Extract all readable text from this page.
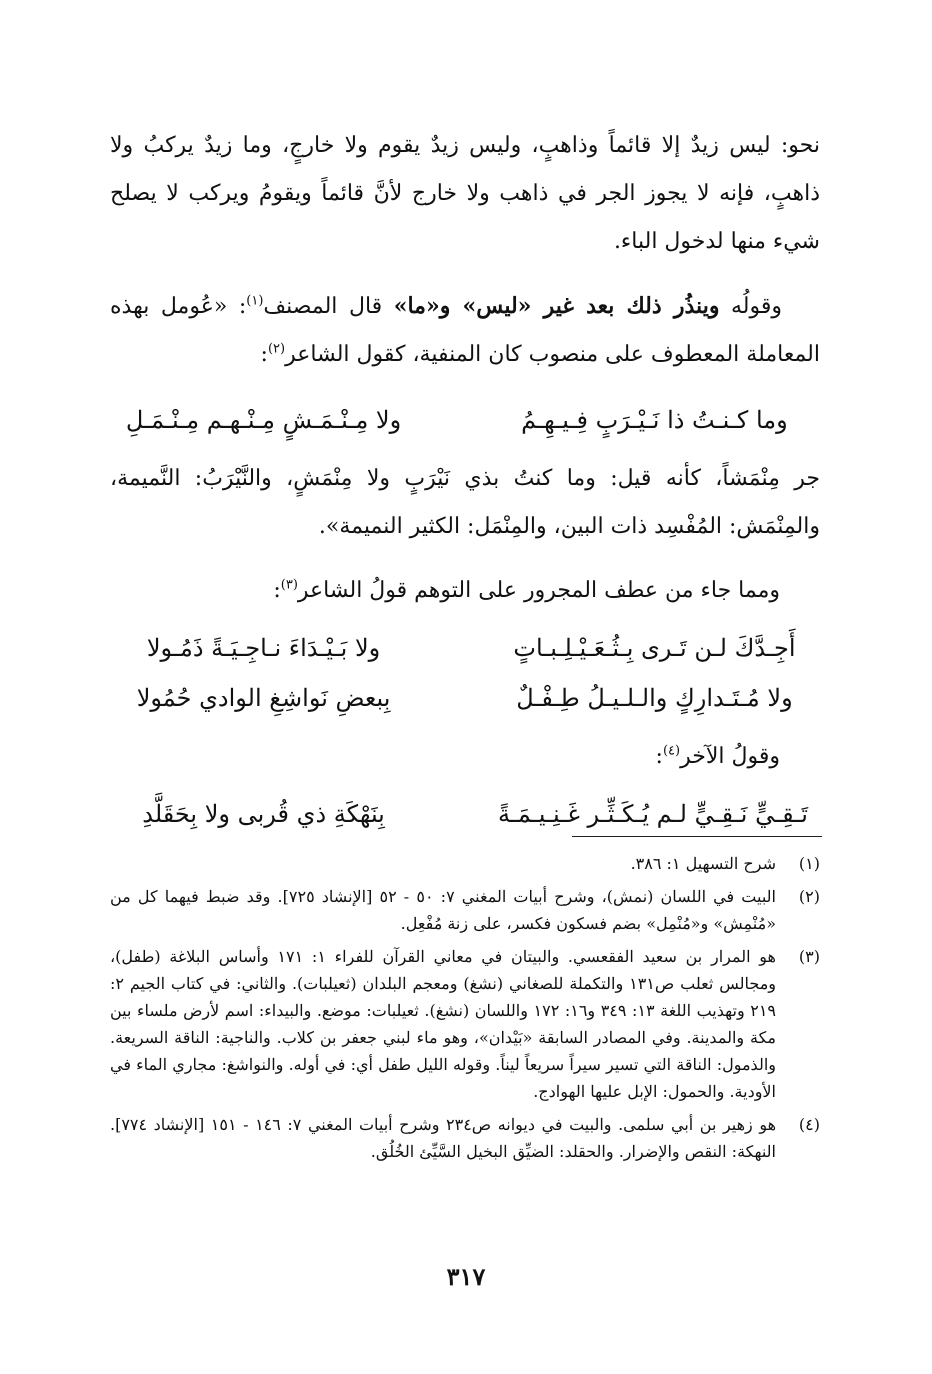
نحو: ليس زيدٌ إلا قائماً وذاهبٍ، وليس زيدٌ يقوم ولا خارجٍ، وما زيدٌ يركبُ ولا ذاهبٍ، فإنه لا يجوز الجر في ذاهب ولا خارج لأنَّ قائماً ويقومُ ويركب لا يصلح شيء منها لدخول الباء.

وقولُه وينذُر ذلك بعد غير «ليس» و«ما» قال المصنف$^{(١)}$: «عُومل بهذه المعاملة المعطوف على منصوب كان المنفية، كقول الشاعر$^{(٢)}$:

وما كـنـتُ ذا نَـيْـرَبٍ فِـيـهِـمُ
ولا مِـنْـمَـشٍ مِـنْـهـم مِـنْـمَـلِ

جر مِنْمَشاً، كأنه قيل: وما كنتُ بذي نَيْرَبٍ ولا مِنْمَشٍ، والنَّيْرَبُ: النَّميمة، والمِنْمَش: المُفْسِد ذات البين، والمِنْمَل: الكثير النميمة».

ومما جاء من عطف المجرور على التوهم قولُ الشاعر$^{(٣)}$:
أَجِـدَّكَ لـن تَـرى بِـثُـعَـيْـلِـبـاتٍ
ولا بَـيْـدَاءَ نـاجِـيَـةً ذَمُـولا
ولا مُـتَـدارِكٍ والـلـيـلُ طِـفْـلٌ
بِبعضِ نَواشِغِ الوادي حُمُولا
وقولُ الآخر$^{(٤)}$:
تَـقِـيٍّ نَـقِـيٍّ لـم يُـكَـثِّـر غَـنِـيـمَـةً
بِنَهْكَةِ ذي قُربى ولا بِحَقَلَّدِ
(١)
شرح التسهيل ١: ٣٨٦.
(٢)
البيت في اللسان (نمش)، وشرح أبيات المغني ٧: ٥٠ - ٥٢ [الإنشاد ٧٢٥]. وقد ضبط فيهما كل من «مُنْمِش» و«مُنْمِل» بضم فسكون فكسر، على زنة مُفْعِل.
(٣)
هو المرار بن سعيد الفقعسي. والبيتان في معاني القرآن للفراء ١: ١٧١ وأساس البلاغة (طفل)، ومجالس ثعلب ص١٣١ والتكملة للصغاني (نشغ) ومعجم البلدان (ثعيلبات). والثاني: في كتاب الجيم ٢: ٢١٩ وتهذيب اللغة ١٣: ٣٤٩ و١٦: ١٧٢ واللسان (نشغ). ثعيلبات: موضع. والبيداء: اسم لأرض ملساء بين مكة والمدينة. وفي المصادر السابقة «بَيْدان»، وهو ماء لبني جعفر بن كلاب. والناجية: الناقة السريعة. والذمول: الناقة التي تسير سيراً سريعاً ليناً. وقوله الليل طفل أي: في أوله. والنواشغ: مجاري الماء في الأودية. والحمول: الإبل عليها الهوادج.
(٤)
هو زهير بن أبي سلمى. والبيت في ديوانه ص٢٣٤ وشرح أبيات المغني ٧: ١٤٦ - ١٥١ [الإنشاد ٧٧٤]. النهكة: النقص والإضرار. والحقلد: الضيِّق البخيل السَّيِّئ الخُلُق.
٣١٧
